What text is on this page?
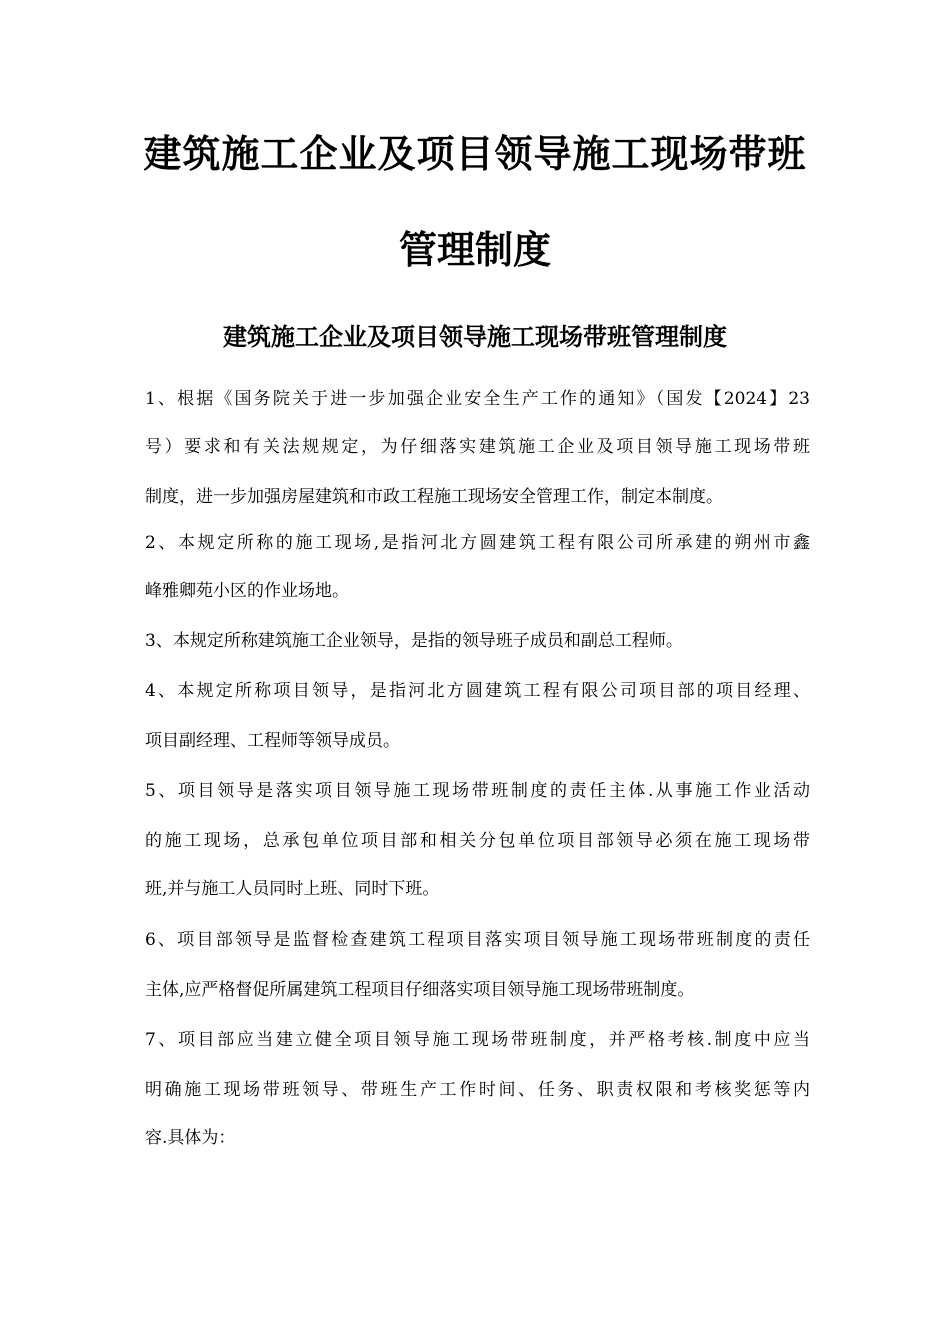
建筑施工企业及项目领导施工现场带班
管理制度
建筑施工企业及项目领导施工现场带班管理制度
1、根据《国务院关于进一步加强企业安全生产工作的通知》（国发【2024】23
号）要求和有关法规规定，为仔细落实建筑施工企业及项目领导施工现场带班
制度，进一步加强房屋建筑和市政工程施工现场安全管理工作，制定本制度。
2、本规定所称的施工现场,是指河北方圆建筑工程有限公司所承建的朔州市鑫
峰雅卿苑小区的作业场地。
3、本规定所称建筑施工企业领导，是指的领导班子成员和副总工程师。
4、本规定所称项目领导，是指河北方圆建筑工程有限公司项目部的项目经理、
项目副经理、工程师等领导成员。
5、项目领导是落实项目领导施工现场带班制度的责任主体.从事施工作业活动
的施工现场，总承包单位项目部和相关分包单位项目部领导必须在施工现场带
班,并与施工人员同时上班、同时下班。
6、项目部领导是监督检查建筑工程项目落实项目领导施工现场带班制度的责任
主体,应严格督促所属建筑工程项目仔细落实项目领导施工现场带班制度。
7、项目部应当建立健全项目领导施工现场带班制度，并严格考核.制度中应当
明确施工现场带班领导、带班生产工作时间、任务、职责权限和考核奖惩等内
容.具体为：
